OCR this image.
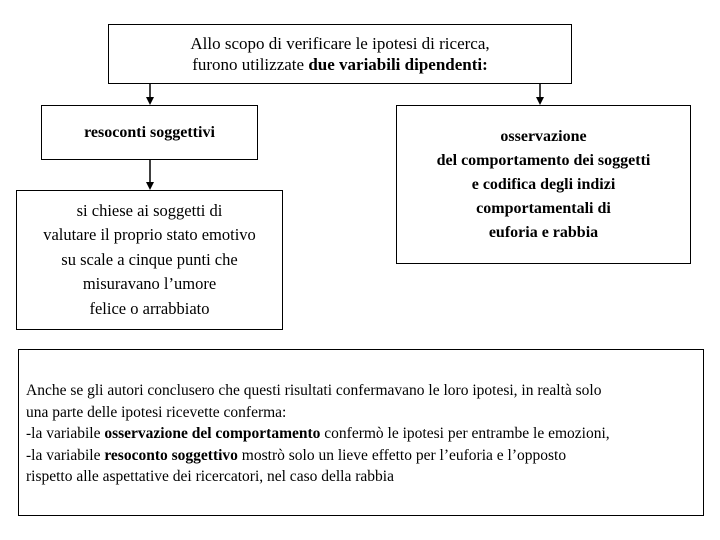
Allo scopo di verificare le ipotesi di ricerca,
furono utilizzate due variabili dipendenti:
resoconti soggettivi
si chiese ai soggetti di
valutare il proprio stato emotivo
su scale a cinque punti che
misuravano l’umore
felice o arrabbiato
osservazione
del comportamento dei soggetti
e codifica degli indizi
comportamentali di
euforia e rabbia
Anche se gli autori conclusero che questi risultati confermavano le loro ipotesi, in realtà solo
una parte delle ipotesi ricevette conferma:
-la variabile osservazione del comportamento confermò le ipotesi per entrambe le emozioni,
-la variabile resoconto soggettivo mostrò solo un lieve effetto per l’euforia e l’opposto
rispetto alle aspettative dei ricercatori, nel caso della rabbia
